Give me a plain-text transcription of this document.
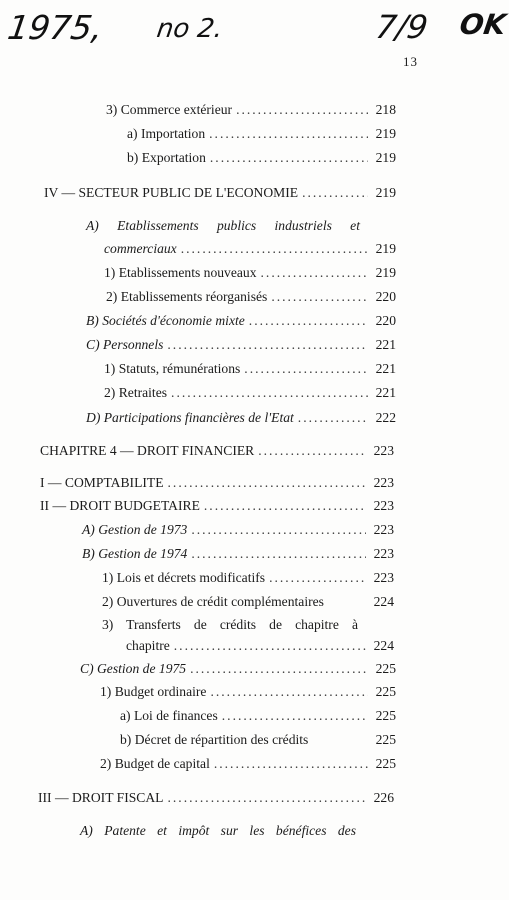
1975, no 2.	7/9 OK
13
3) Commerce extérieur .....	218
a) Importation .....	219
b) Exportation .....	219
IV — SECTEUR PUBLIC DE L'ECONOMIE .....	219
A) Etablissements publics industriels et
commerciaux .....	219
1) Etablissements nouveaux .....	219
2) Etablissements réorganisés .....	220
B) Sociétés d'économie mixte .....	220
C) Personnels .....	221
1) Statuts, rémunérations .....	221
2) Retraites .....	221
D) Participations financières de l'Etat .....	222
CHAPITRE 4 — DROIT FINANCIER .....	223
I — COMPTABILITE .....	223
II — DROIT BUDGETAIRE .....	223
A) Gestion de 1973 .....	223
B) Gestion de 1974 .....	223
1) Lois et décrets modificatifs .....	223
2) Ouvertures de crédit complémentaires	224
3) Transferts de crédits de chapitre à
chapitre .....	224
C) Gestion de 1975 .....	225
1) Budget ordinaire .....	225
a) Loi de finances .....	225
b) Décret de répartition des crédits	225
2) Budget de capital .....	225
III — DROIT FISCAL .....	226
A) Patente et impôt sur les bénéfices des
